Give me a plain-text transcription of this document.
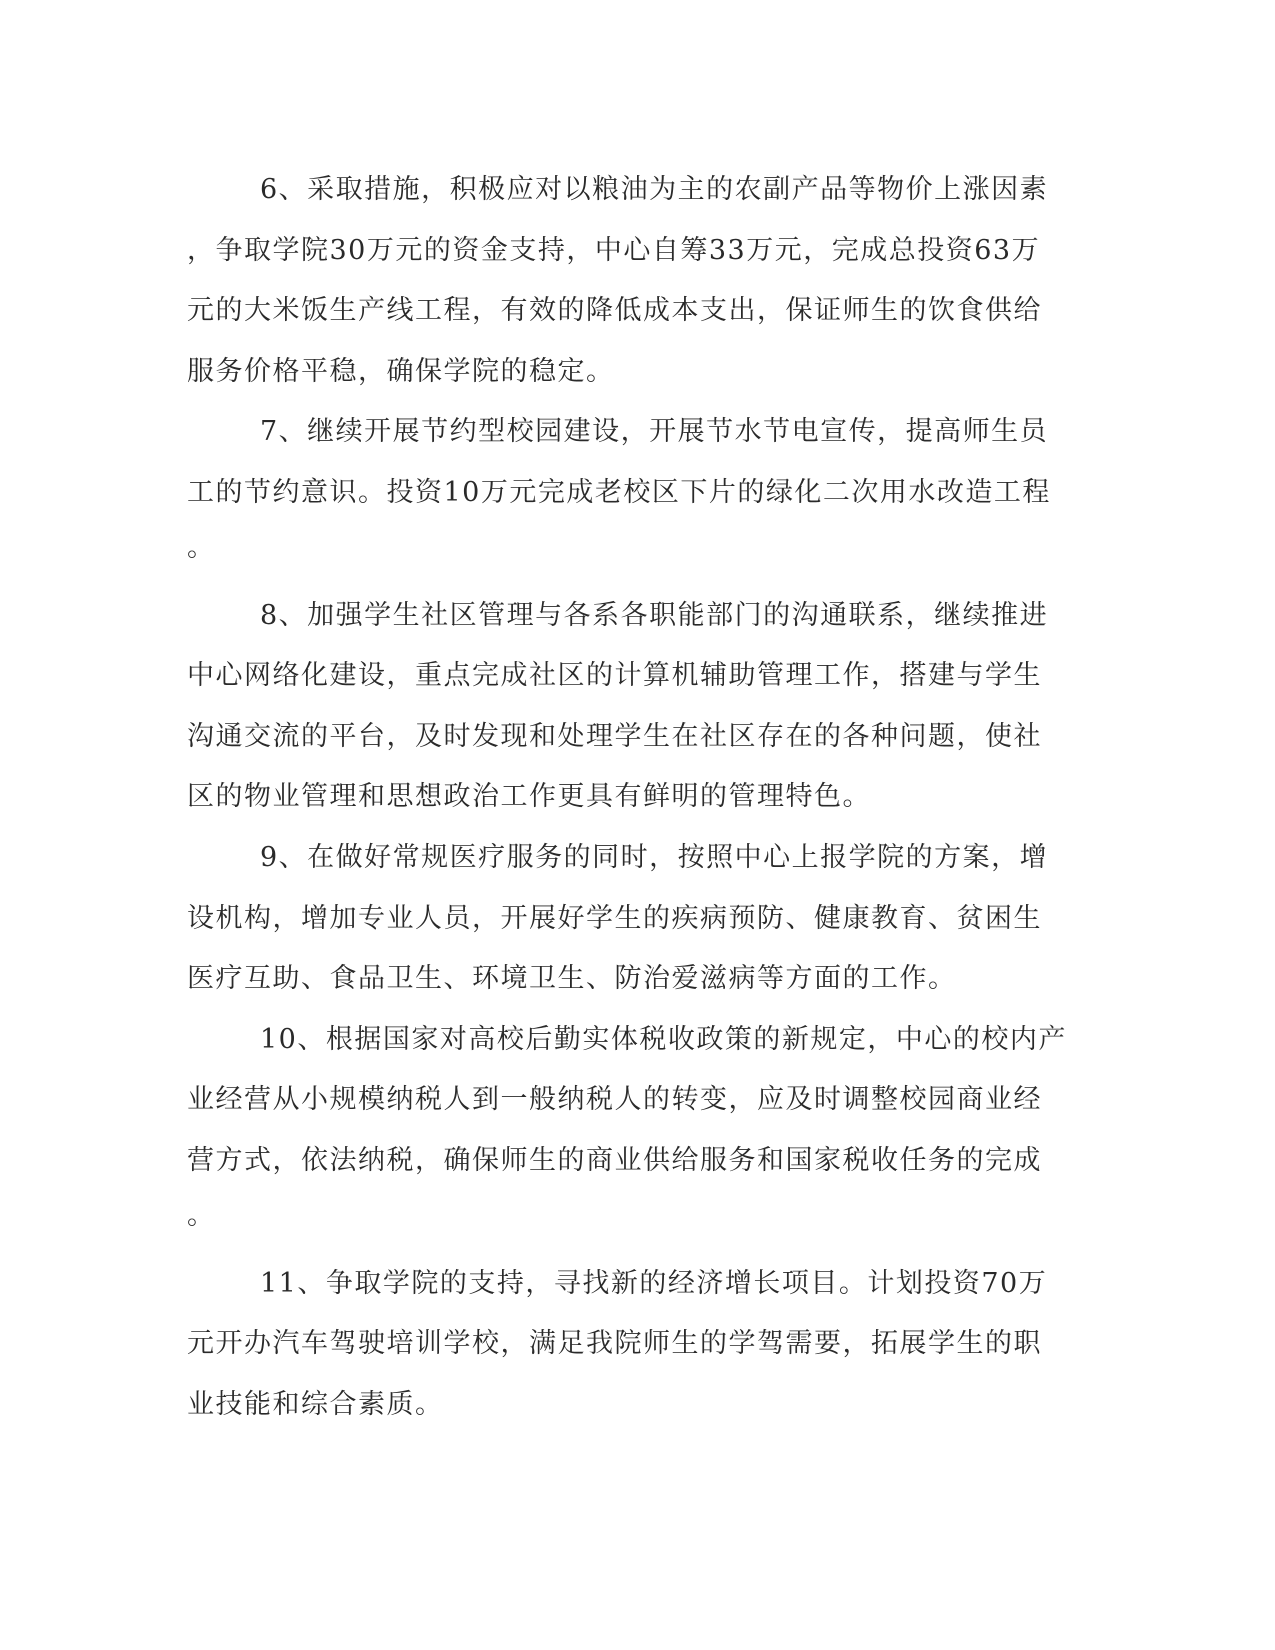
6、采取措施，积极应对以粮油为主的农副产品等物价上涨因素
，争取学院30万元的资金支持，中心自筹33万元，完成总投资63万
元的大米饭生产线工程，有效的降低成本支出，保证师生的饮食供给
服务价格平稳，确保学院的稳定。
7、继续开展节约型校园建设，开展节水节电宣传，提高师生员
工的节约意识。投资10万元完成老校区下片的绿化二次用水改造工程
。
8、加强学生社区管理与各系各职能部门的沟通联系，继续推进
中心网络化建设，重点完成社区的计算机辅助管理工作，搭建与学生
沟通交流的平台，及时发现和处理学生在社区存在的各种问题，使社
区的物业管理和思想政治工作更具有鲜明的管理特色。
9、在做好常规医疗服务的同时，按照中心上报学院的方案，增
设机构，增加专业人员，开展好学生的疾病预防、健康教育、贫困生
医疗互助、食品卫生、环境卫生、防治爱滋病等方面的工作。
10、根据国家对高校后勤实体税收政策的新规定，中心的校内产
业经营从小规模纳税人到一般纳税人的转变，应及时调整校园商业经
营方式，依法纳税，确保师生的商业供给服务和国家税收任务的完成
。
11、争取学院的支持，寻找新的经济增长项目。计划投资70万
元开办汽车驾驶培训学校，满足我院师生的学驾需要，拓展学生的职
业技能和综合素质。
